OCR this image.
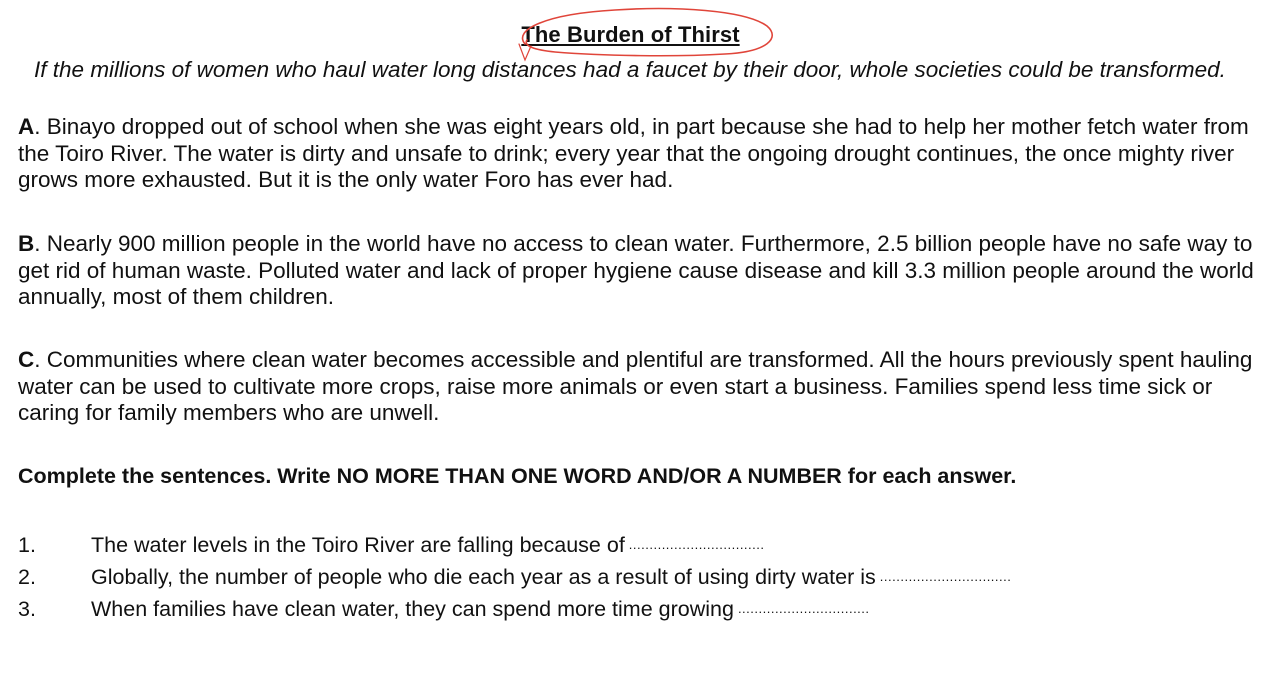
The Burden of Thirst
If the millions of women who haul water long distances had a faucet by their door, whole societies could be transformed.

A. Binayo dropped out of school when she was eight years old, in part because she had to help her mother fetch water from the Toiro River. The water is dirty and unsafe to drink; every year that the ongoing drought continues, the once mighty river grows more exhausted. But it is the only water Foro has ever had.

B. Nearly 900 million people in the world have no access to clean water. Furthermore, 2.5 billion people have no safe way to get rid of human waste. Polluted water and lack of proper hygiene cause disease and kill 3.3 million people around the world annually, most of them children.

C. Communities where clean water becomes accessible and plentiful are transformed. All the hours previously spent hauling water can be used to cultivate more crops, raise more animals or even start a business. Families spend less time sick or caring for family members who are unwell.

Complete the sentences. Write NO MORE THAN ONE WORD AND/OR A NUMBER for each answer.
1.	The water levels in the Toiro River are falling because of .................................
2.	Globally, the number of people who die each year as a result of using dirty water is ................................
3.	When families have clean water, they can spend more time growing ................................
